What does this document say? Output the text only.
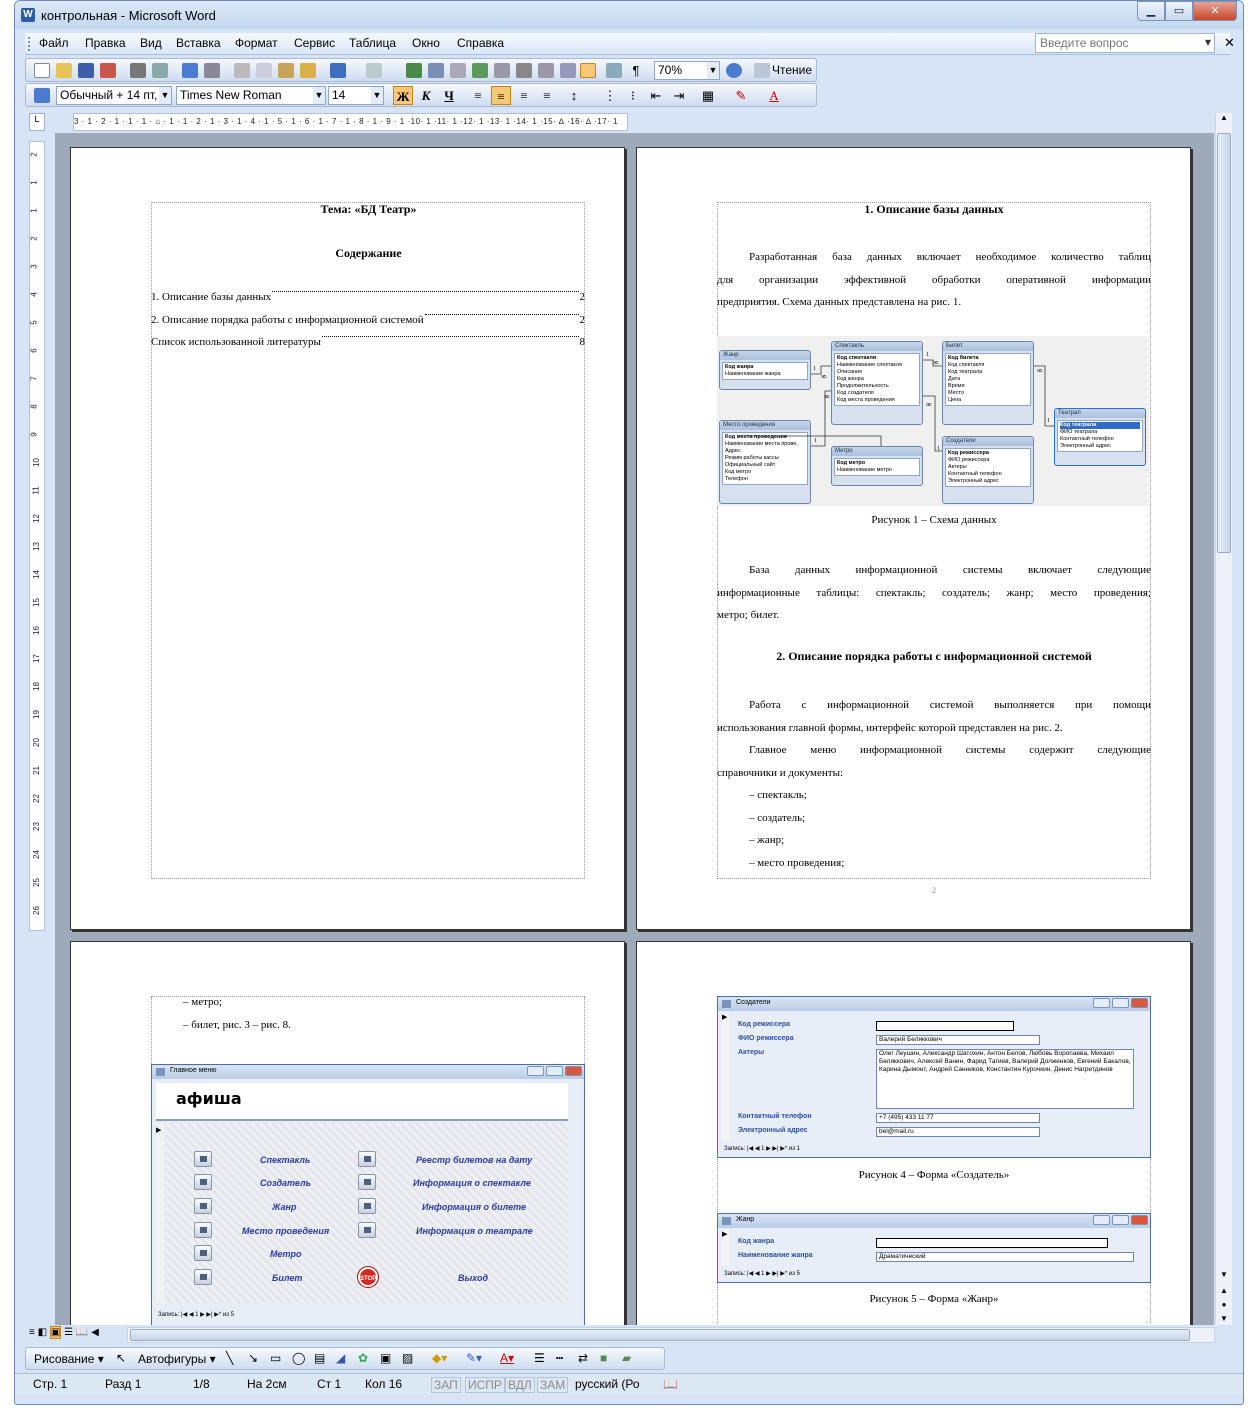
W контрольная - Microsoft Word	▁	▭	✕
Файл Правка Вид Вставка Формат Сервис Таблица Окно Справка	Введите вопрос ▾	✕
¶	70%	▼	Чтение
Обычный + 14 пт, ▼ Times New Roman	▼ 14	▼ Ж К	Ч	≡	≡	≡	≡	↕	⋮	⁝	⇤ ⇥	▦	✎	A
L	3 · 1 · 2 · 1 · 1 · 1 · ⌂ · 1 · 1 · 2 · 1 · 3 · 1 · 4 · 1 · 5 · 1 · 6 · 1 · 7 · 1 · 8 · 1 · 9 · 1 ·10· 1 ·11· 1 ·12· 1 ·13· 1 ·14· 1 ·15· ∆ ·16· ∆ ·17· 1
2
1
1
2
3
4
5
6
7
8
9
10
11
12
13
14
15
16
17
18
19
20
21
22
23
24
25
26
Тема: «БД Театр»
Содержание
1. Описание базы данных	2
2. Описание порядка работы с информационной системой	2
Список использованной литературы	8
1. Описание базы данных
Разработанная база данных включает необходимое количество таблиц
для организации эффективной обработки оперативной информации
предприятия. Схема данных представлена на рис. 1.
Жанр
Код жанра
Наименование жанра
Спектакль
Код спектакля
Наименование спектакля
Описание
Код жанра
Продолжительность
Код создателя
Код места проведения
Билет
Код билета
Код спектакля
Код театрала
Дата
Время
Место
Цена
Место проведения
Код места проведения
Наименование места прове,
Адрес
Режим работы кассы
Официальный сайт
Код метро
Телефон
Метро
Код метро
Наименование метро
Создатели
Код режиссера
ФИО режиссера
Актеры
Контактный телефон
Электронный адрес
Театрал
Код театрала
ФИО театрала
Контактный телефон
Электронный адрес
1
∞
1
∞
∞
1
∞
1
1
∞
Рисунок 1 – Схема данных
База данных информационной системы включает следующие
информационные таблицы: спектакль; создатель; жанр; место проведения;
метро; билет.
2. Описание порядка работы с информационной системой
Работа с информационной системой выполняется при помощи
использования главной формы, интерфейс которой представлен на рис. 2.
Главное меню информационной системы содержит следующие
справочники и документы:
– спектакль;
– создатель;
– жанр;
– место проведения;
2
– метро;
– билет, рис. 3 – рис. 8.
Главное меню
афиша
▶
Спектакль
Создатель
Жанр
Место проведения
Метро
Билет	STOP
Реестр билетов на дату
Информация о спектакле
Информация о билете
Информация о театрале
Выход
Запись: |◀ ◀ 1 ▶ ▶| ▶* из 5
Создатели
▶
Код режиссера
ФИО режиссера
Актеры
Контактный телефон
Электронный адрес
Валерий Беляккович
Олег Леушин, Александр Шатохин, Антон Белов, Любовь Воропаева, Михаил Беляккович, Алексей Ванин, Фарид Тагиев, Валерий Долженков, Евгений Бакалов, Карина Дымонт, Андрей Санников, Константин Курочкин, Денис Нагретдинов
+7 (495) 433 11 77
bel@mail.ru
Запись: |◀ ◀ 1 ▶ ▶| ▶* из 1
Рисунок 4 – Форма «Создатель»
Жанр
▶
Код жанра
Наименование жанра	Драматический
Запись: |◀ ◀ 1 ▶ ▶| ▶* из 5
Рисунок 5 – Форма «Жанр»
▲
▼
▲
●
▼
≡ ◧ ▣ ☰ 📖 ◀
Рисование ▾ ↖ Автофигуры ▾ ╲ ↘ ▭ ◯ ▤ ◢ ✿ ▣ ▨ ◆▾ ✎▾ A▾ ☰ ┅ ⇄ ■ ▰
Стр. 1	Разд 1	1/8	На 2см	Ст 1 Кол 16	ЗАП ИСПР ВДЛ ЗАМ русский (Ро 📖
